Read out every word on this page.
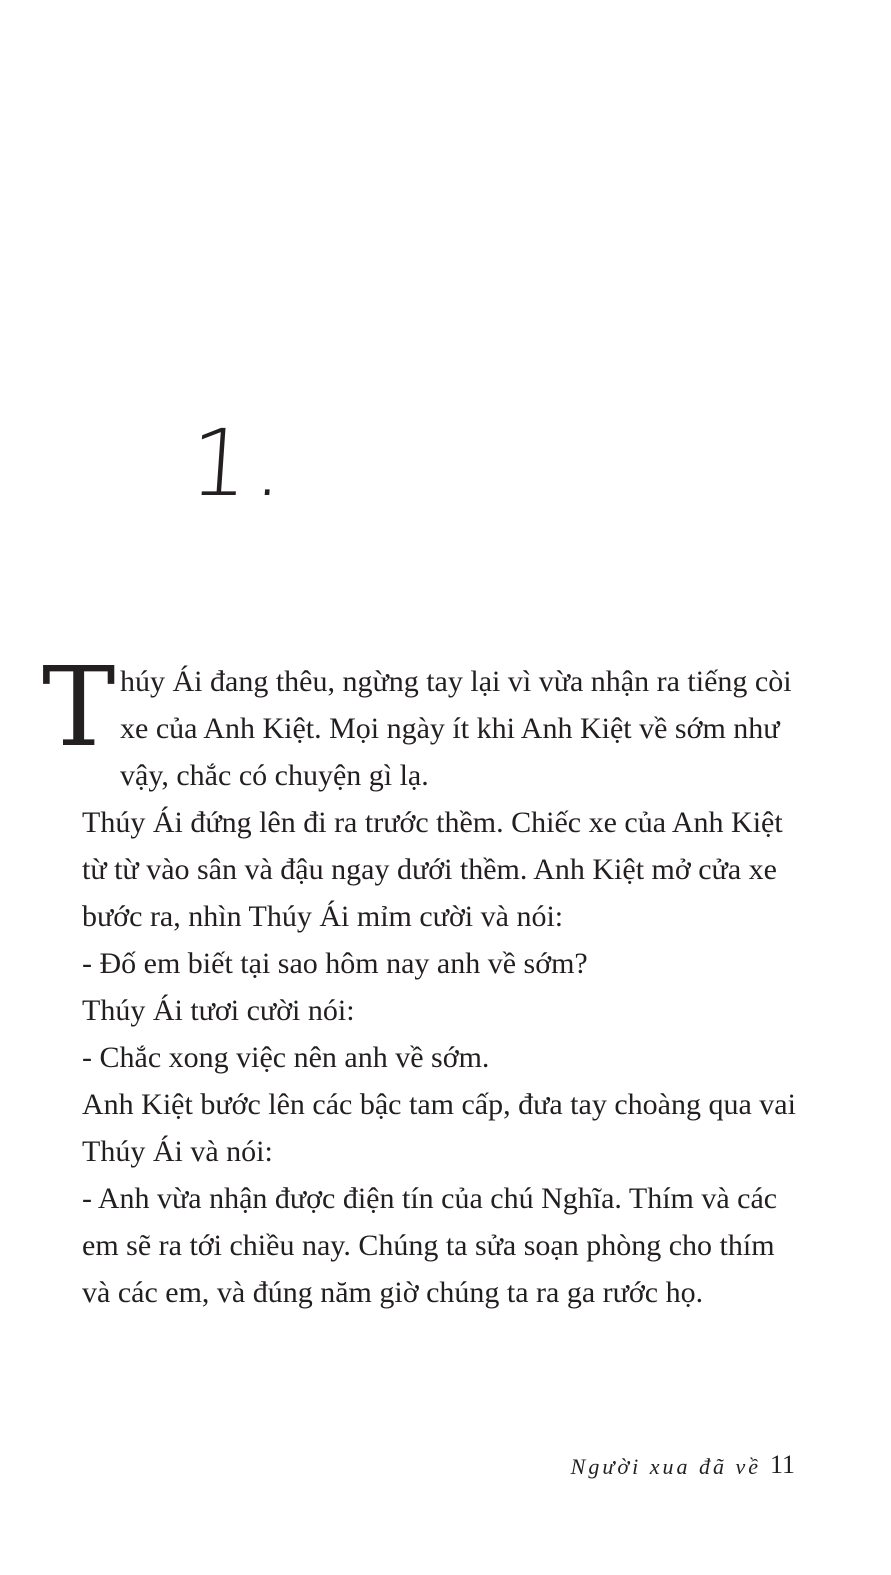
1.

Thúy Ái đang thêu, ngừng tay lại vì vừa nhận ra tiếng còi xe của Anh Kiệt. Mọi ngày ít khi Anh Kiệt về sớm như vậy, chắc có chuyện gì lạ.

Thúy Ái đứng lên đi ra trước thềm. Chiếc xe của Anh Kiệt từ từ vào sân và đậu ngay dưới thềm. Anh Kiệt mở cửa xe bước ra, nhìn Thúy Ái mỉm cười và nói:

- Đố em biết tại sao hôm nay anh về sớm?

Thúy Ái tươi cười nói:

- Chắc xong việc nên anh về sớm.

Anh Kiệt bước lên các bậc tam cấp, đưa tay choàng qua vai Thúy Ái và nói:

- Anh vừa nhận được điện tín của chú Nghĩa. Thím và các em sẽ ra tới chiều nay. Chúng ta sửa soạn phòng cho thím và các em, và đúng năm giờ chúng ta ra ga rước họ.

Người xua đã về 11
